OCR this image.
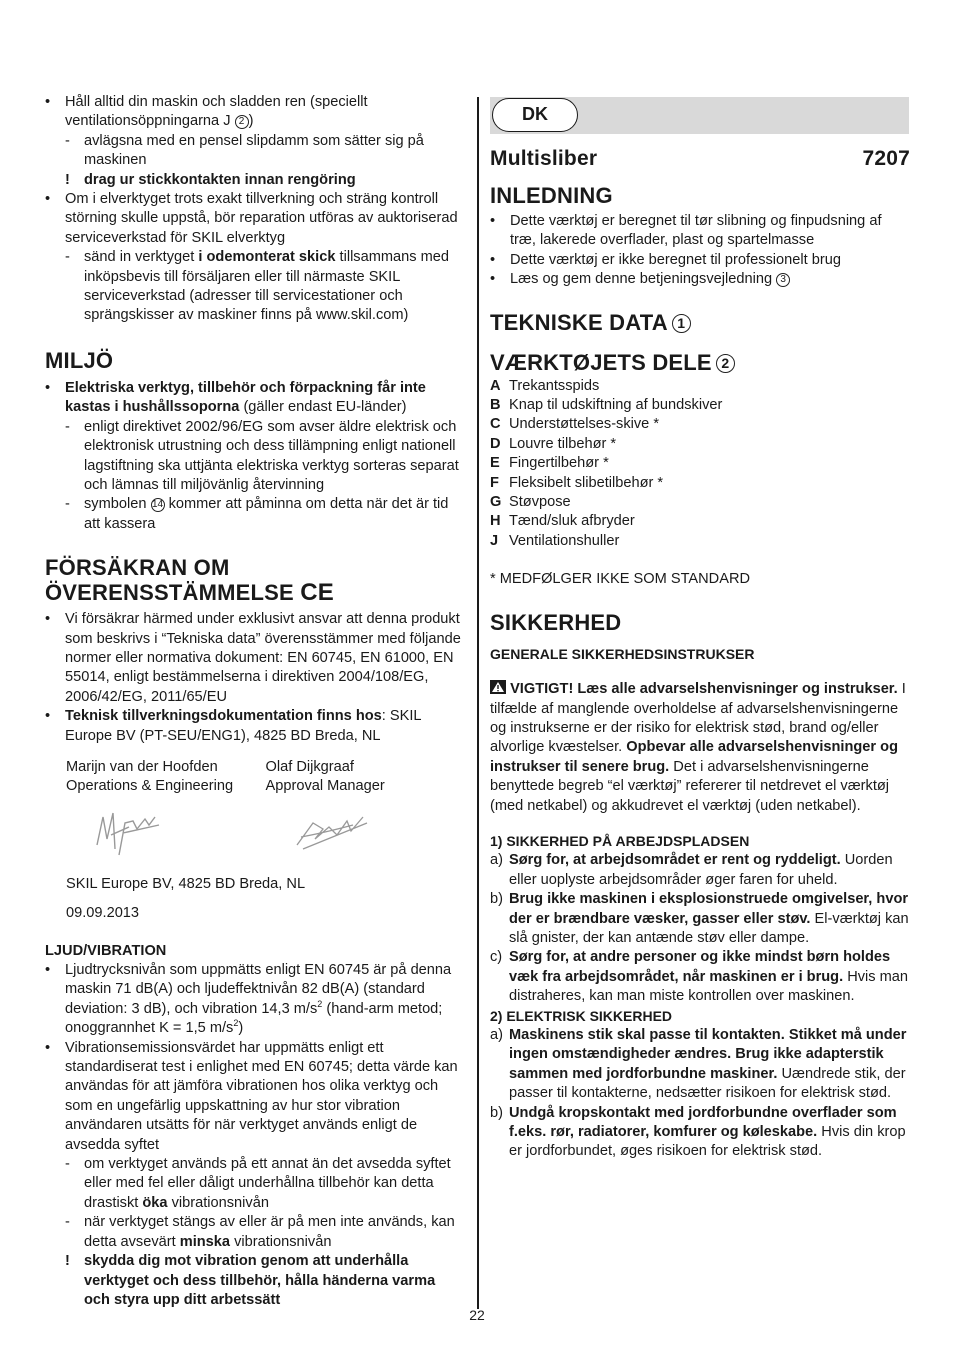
• Håll alltid din maskin och sladden ren (speciellt ventilationsöppningarna J 2 )
- avlägsna med en pensel slipdamm som sätter sig på maskinen
! drag ur stickkontakten innan rengöring
• Om i elverktyget trots exakt tillverkning och sträng kontroll störning skulle uppstå, bör reparation utföras av auktoriserad serviceverkstad för SKIL elverktyg
- sänd in verktyget i odemonterat skick tillsammans med inköpsbevis till försäljaren eller till närmaste SKIL serviceverkstad (adresser till servicestationer och sprängskisser av maskiner finns på www.skil.com)
MILJÖ
• Elektriska verktyg, tillbehör och förpackning får inte kastas i hushållssoporna (gäller endast EU-länder)
- enligt direktivet 2002/96/EG som avser äldre elektrisk och elektronisk utrustning och dess tillämpning enligt nationell lagstiftning ska uttjänta elektriska verktyg sorteras separat och lämnas till miljövänlig återvinning
- symbolen 14 kommer att påminna om detta när det är tid att kassera
FÖRSÄKRAN OM
ÖVERENSSTÄMMELSE CE
• Vi försäkrar härmed under exklusivt ansvar att denna produkt som beskrivs i “Tekniska data” överensstämmer med följande normer eller normativa dokument: EN 60745, EN 61000, EN 55014, enligt bestämmelserna i direktiven 2004/108/EG, 2006/42/EG, 2011/65/EU
• Teknisk tillverkningsdokumentation finns hos: SKIL Europe BV (PT-SEU/ENG1), 4825 BD Breda, NL
Marijn van der Hoofden
Operations & Engineering
Olaf Dijkgraaf
Approval Manager
SKIL Europe BV, 4825 BD Breda, NL
09.09.2013
LJUD/VIBRATION
• Ljudtrycksnivån som uppmätts enligt EN 60745 är på denna maskin 71 dB(A) och ljudeffektnivån 82 dB(A) (standard deviation: 3 dB), och vibration 14,3 $m/s^2$ (hand-arm metod; onoggrannhet K = 1,5 $m/s^2$)
• Vibrationsemissionsvärdet har uppmätts enligt ett standardiserat test i enlighet med EN 60745; detta värde kan användas för att jämföra vibrationen hos olika verktyg och som en ungefärlig uppskattning av hur stor vibration användaren utsätts för när verktyget används enligt de avsedda syftet
- om verktyget används på ett annat än det avsedda syftet eller med fel eller dåligt underhållna tillbehör kan detta drastiskt öka vibrationsnivån
- när verktyget stängs av eller är på men inte används, kan detta avsevärt minska vibrationsnivån
! skydda dig mot vibration genom att underhålla verktyget och dess tillbehör, hålla händerna varma och styra upp ditt arbetssätt
DK
Multisliber	7207
INLEDNING
• Dette værktøj er beregnet til tør slibning og finpudsning af træ, lakerede overflader, plast og spartelmasse
• Dette værktøj er ikke beregnet til professionelt brug
• Læs og gem denne betjeningsvejledning 3
TEKNISKE DATA 1
VÆRKTØJETS DELE 2
A Trekantsspids
B Knap til udskiftning af bundskiver
C Understøttelses-skive *
D Louvre tilbehør *
E Fingertilbehør *
F Fleksibelt slibetilbehør *
G Støvpose
H Tænd/sluk afbryder
J Ventilationshuller
* MEDFØLGER IKKE SOM STANDARD
SIKKERHED
GENERALE SIKKERHEDSINSTRUKSER
VIGTIGT! Læs alle advarselshenvisninger og instrukser. I tilfælde af manglende overholdelse af advarselshenvisningerne og instrukserne er der risiko for elektrisk stød, brand og/eller alvorlige kvæstelser. Opbevar alle advarselshenvisninger og instrukser til senere brug. Det i advarselshenvisningerne benyttede begreb “el værktøj” refererer til netdrevet el værktøj (med netkabel) og akkudrevet el værktøj (uden netkabel).
1) SIKKERHED PÅ ARBEJDSPLADSEN
a) Sørg for, at arbejdsområdet er rent og ryddeligt. Uorden eller uoplyste arbejdsområder øger faren for uheld.
b) Brug ikke maskinen i eksplosionstruede omgivelser, hvor der er brændbare væsker, gasser eller støv. El-værktøj kan slå gnister, der kan antænde støv eller dampe.
c) Sørg for, at andre personer og ikke mindst børn holdes væk fra arbejdsområdet, når maskinen er i brug. Hvis man distraheres, kan man miste kontrollen over maskinen.
2) ELEKTRISK SIKKERHED
a) Maskinens stik skal passe til kontakten. Stikket må under ingen omstændigheder ændres. Brug ikke adapterstik sammen med jordforbundne maskiner. Uændrede stik, der passer til kontakterne, nedsætter risikoen for elektrisk stød.
b) Undgå kropskontakt med jordforbundne overflader som f.eks. rør, radiatorer, komfurer og køleskabe. Hvis din krop er jordforbundet, øges risikoen for elektrisk stød.
22
